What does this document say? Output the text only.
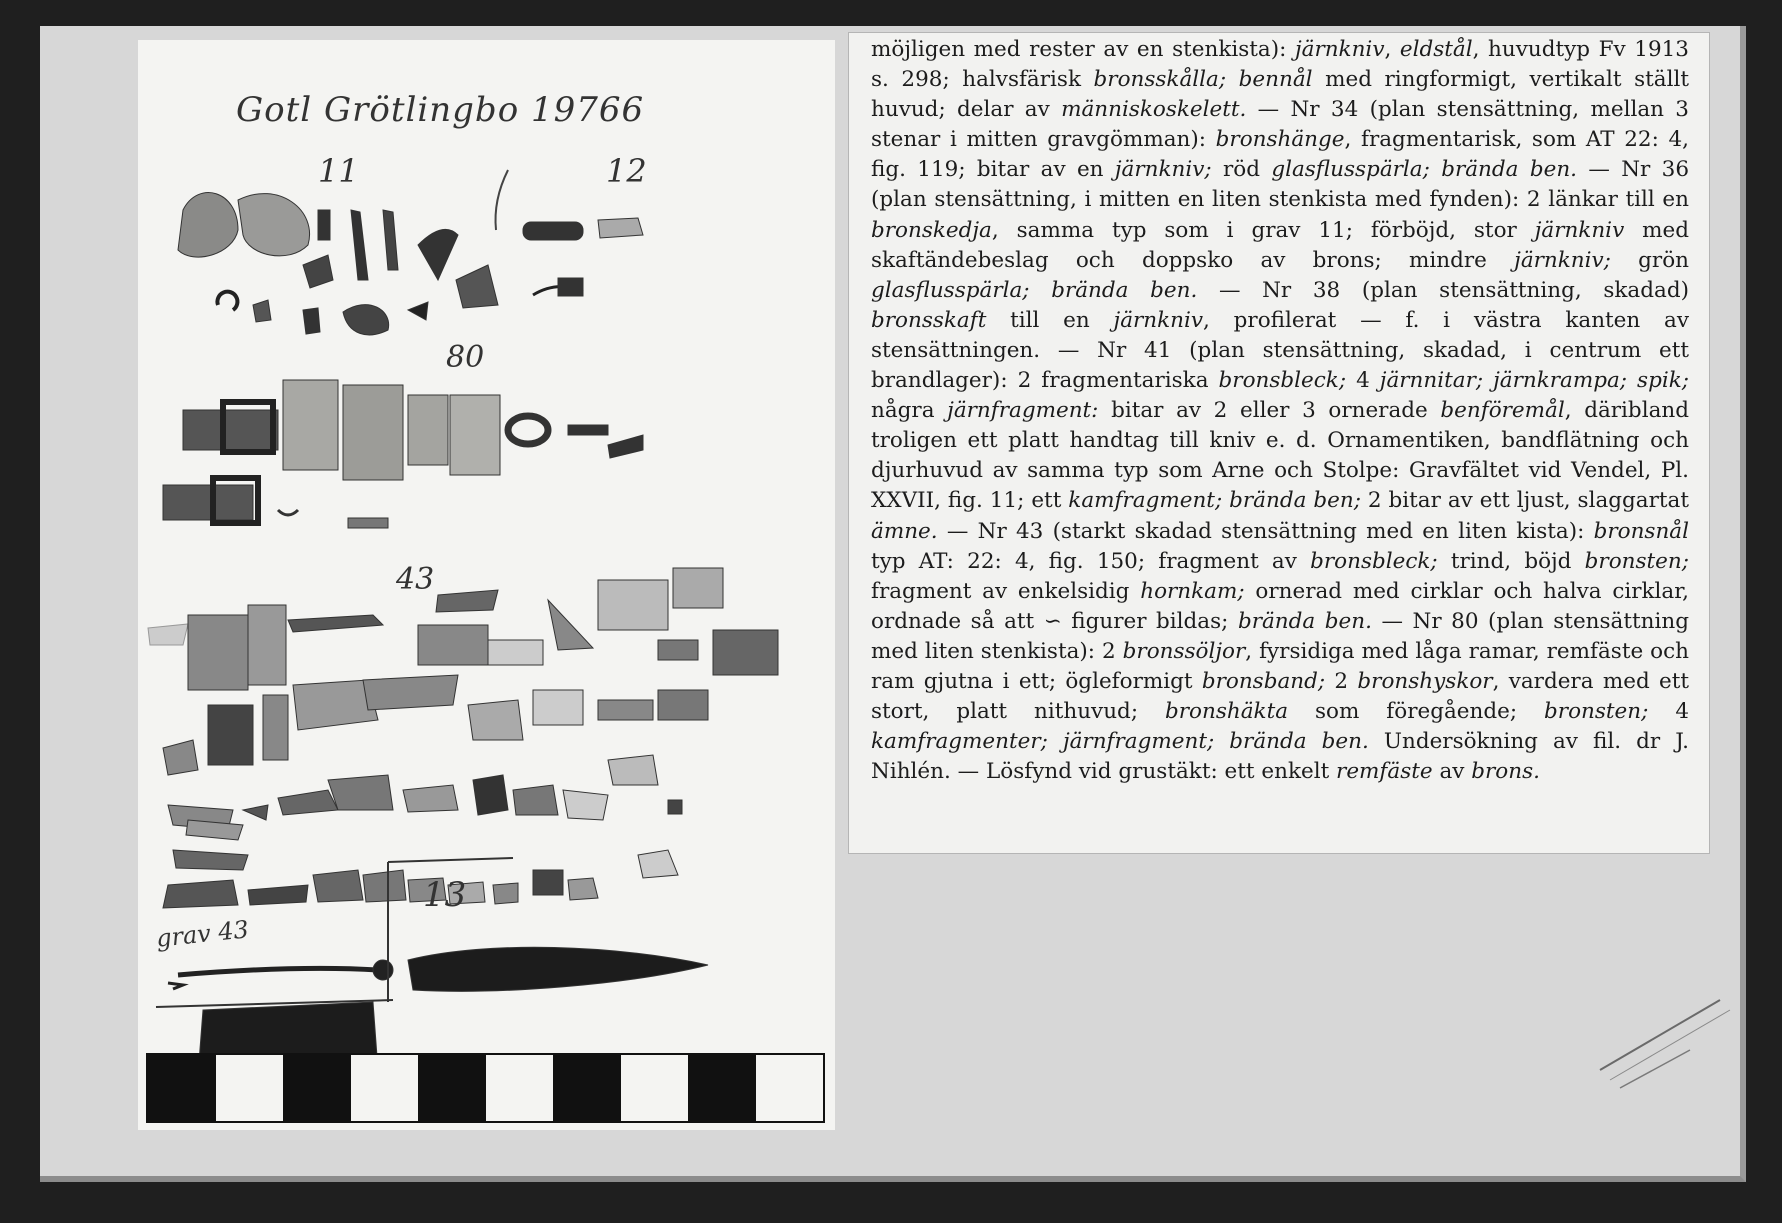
Gotl Grötlingbo 19766
11	12
80
43
13
grav 43
möjligen med rester av en stenkista): järnkniv, eldstål, huvudtyp Fv 1913 s. 298; halvsfärisk bronsskålla; bennål med ringformigt, vertikalt ställt huvud; delar av människoskelett. — Nr 34 (plan stensättning, mellan 3 stenar i mitten gravgömman): bronshänge, fragmentarisk, som AT 22: 4, fig. 119; bitar av en järnkniv; röd glasflusspärla; brända ben. — Nr 36 (plan stensättning, i mitten en liten stenkista med fynden): 2 länkar till en bronskedja, samma typ som i grav 11; förböjd, stor järnkniv med skaftändebeslag och doppsko av brons; mindre järnkniv; grön glasflusspärla; brända ben. — Nr 38 (plan stensättning, skadad) bronsskaft till en järnkniv, profilerat — f. i västra kanten av stensättningen. — Nr 41 (plan stensättning, skadad, i centrum ett brandlager): 2 fragmentariska bronsbleck; 4 järnnitar; järnkrampa; spik; några järnfragment: bitar av 2 eller 3 ornerade benföremål, däribland troligen ett platt handtag till kniv e. d. Ornamentiken, bandflätning och djurhuvud av samma typ som Arne och Stolpe: Gravfältet vid Vendel, Pl. XXVII, fig. 11; ett kamfragment; brända ben; 2 bitar av ett ljust, slaggartat ämne. — Nr 43 (starkt skadad stensättning med en liten kista): bronsnål typ AT: 22: 4, fig. 150; fragment av bronsbleck; trind, böjd bronsten; fragment av enkelsidig hornkam; ornerad med cirklar och halva cirklar, ordnade så att ∽ figurer bildas; brända ben. — Nr 80 (plan stensättning med liten stenkista): 2 bronssöljor, fyrsidiga med låga ramar, remfäste och ram gjutna i ett; ögleformigt bronsband; 2 bronshyskor, vardera med ett stort, platt nithuvud; bronshäkta som föregående; bronsten; 4 kamfragmenter; järnfragment; brända ben. Undersökning av fil. dr J. Nihlén. — Lösfynd vid grustäkt: ett enkelt remfäste av brons.
